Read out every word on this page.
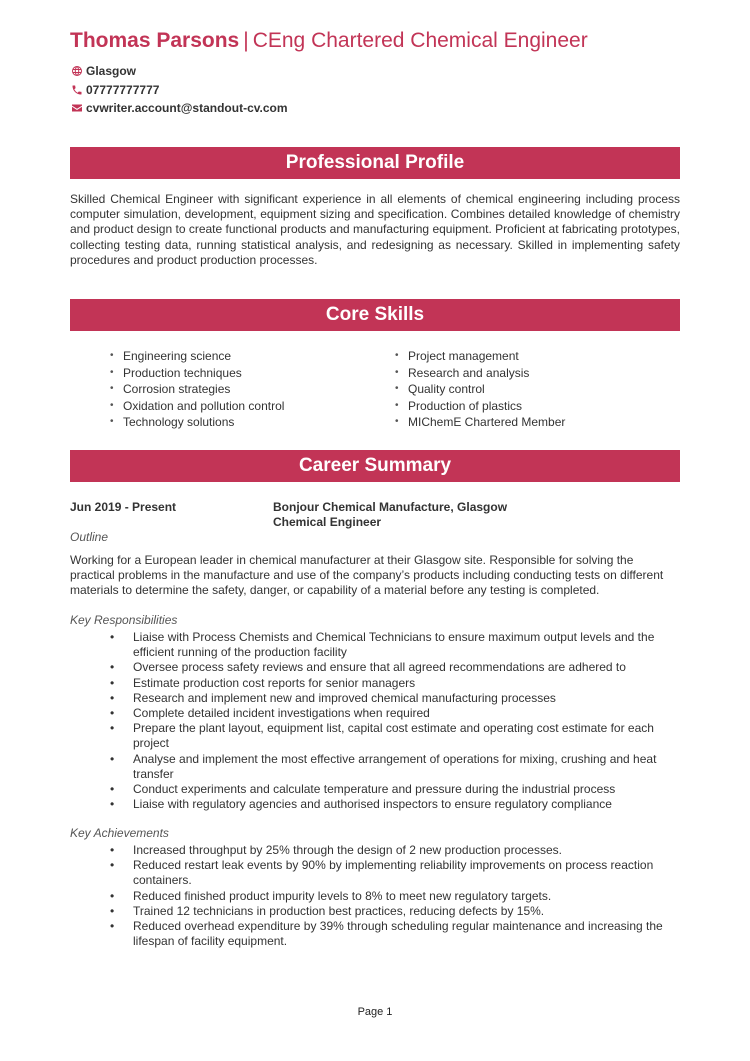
Thomas Parsons | CEng Chartered Chemical Engineer
Glasgow
07777777777
cvwriter.account@standout-cv.com
Professional Profile

Skilled Chemical Engineer with significant experience in all elements of chemical engineering including process computer simulation, development, equipment sizing and specification. Combines detailed knowledge of chemistry and product design to create functional products and manufacturing equipment. Proficient at fabricating prototypes, collecting testing data, running statistical analysis, and redesigning as necessary. Skilled in implementing safety procedures and product production processes.

Core Skills
• Engineering science
• Production techniques
• Corrosion strategies
• Oxidation and pollution control
• Technology solutions
• Project management
• Research and analysis
• Quality control
• Production of plastics
• MIChemE Chartered Member
Career Summary
Jun 2019 - Present	Bonjour Chemical Manufacture, Glasgow
Chemical Engineer
Outline

Working for a European leader in chemical manufacturer at their Glasgow site. Responsible for solving the practical problems in the manufacture and use of the company’s products including conducting tests on different materials to determine the safety, danger, or capability of a material before any testing is completed.

Key Responsibilities
• Liaise with Process Chemists and Chemical Technicians to ensure maximum output levels and the efficient running of the production facility
• Oversee process safety reviews and ensure that all agreed recommendations are adhered to
• Estimate production cost reports for senior managers
• Research and implement new and improved chemical manufacturing processes
• Complete detailed incident investigations when required
• Prepare the plant layout, equipment list, capital cost estimate and operating cost estimate for each project
• Analyse and implement the most effective arrangement of operations for mixing, crushing and heat transfer
• Conduct experiments and calculate temperature and pressure during the industrial process
• Liaise with regulatory agencies and authorised inspectors to ensure regulatory compliance
Key Achievements
• Increased throughput by 25% through the design of 2 new production processes.
• Reduced restart leak events by 90% by implementing reliability improvements on process reaction containers.
• Reduced finished product impurity levels to 8% to meet new regulatory targets.
• Trained 12 technicians in production best practices, reducing defects by 15%.
• Reduced overhead expenditure by 39% through scheduling regular maintenance and increasing the lifespan of facility equipment.
Page 1
